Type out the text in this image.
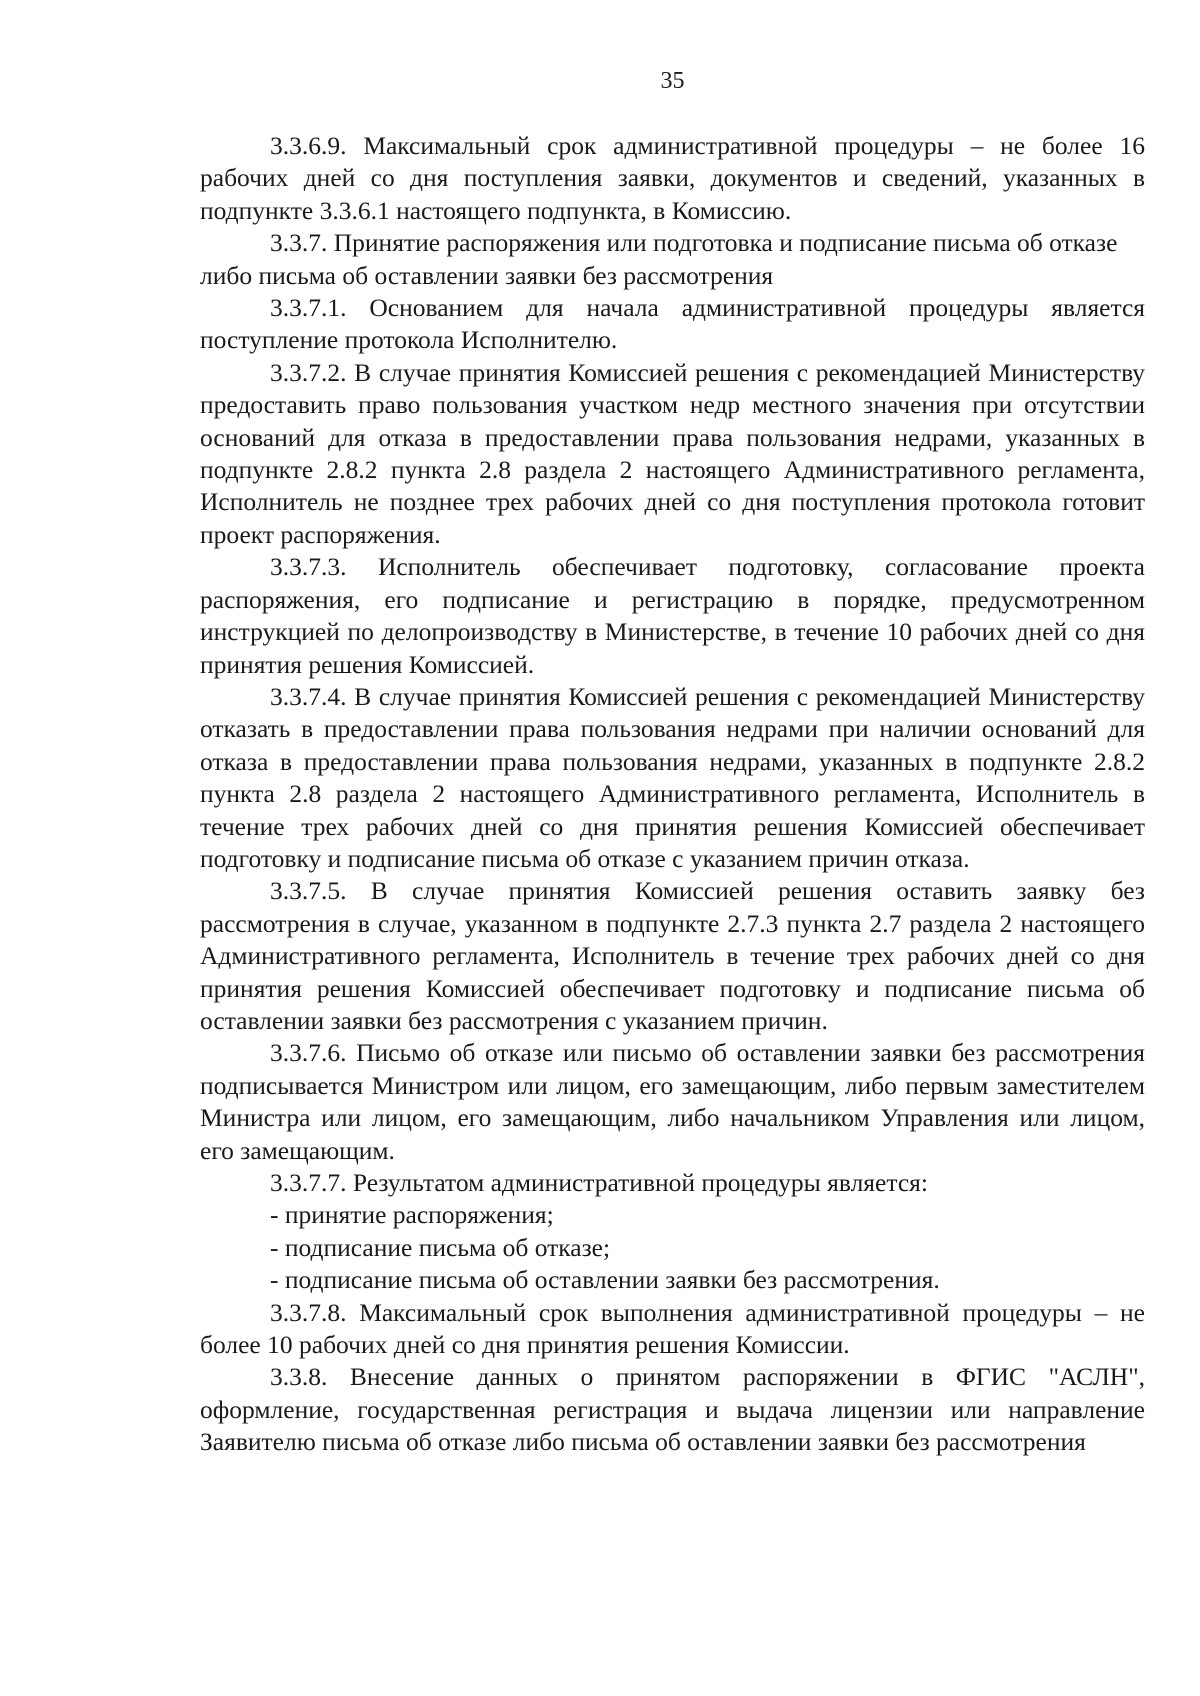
35

3.3.6.9. Максимальный срок административной процедуры – не более 16 рабочих дней со дня поступления заявки, документов и сведений, указанных в подпункте 3.3.6.1 настоящего подпункта, в Комиссию.

3.3.7. Принятие распоряжения или подготовка и подписание письма об отказе либо письма об оставлении заявки без рассмотрения

3.3.7.1. Основанием для начала административной процедуры является поступление протокола Исполнителю.

3.3.7.2. В случае принятия Комиссией решения с рекомендацией Министерству предоставить право пользования участком недр местного значения при отсутствии оснований для отказа в предоставлении права пользования недрами, указанных в подпункте 2.8.2 пункта 2.8 раздела 2 настоящего Административного регламента, Исполнитель не позднее трех рабочих дней со дня поступления протокола готовит проект распоряжения.

3.3.7.3. Исполнитель обеспечивает подготовку, согласование проекта распоряжения, его подписание и регистрацию в порядке, предусмотренном инструкцией по делопроизводству в Министерстве, в течение 10 рабочих дней со дня принятия решения Комиссией.

3.3.7.4. В случае принятия Комиссией решения с рекомендацией Министерству отказать в предоставлении права пользования недрами при наличии оснований для отказа в предоставлении права пользования недрами, указанных в подпункте 2.8.2 пункта 2.8 раздела 2 настоящего Административного регламента, Исполнитель в течение трех рабочих дней со дня принятия решения Комиссией обеспечивает подготовку и подписание письма об отказе с указанием причин отказа.

3.3.7.5. В случае принятия Комиссией решения оставить заявку без рассмотрения в случае, указанном в подпункте 2.7.3 пункта 2.7 раздела 2 настоящего Административного регламента, Исполнитель в течение трех рабочих дней со дня принятия решения Комиссией обеспечивает подготовку и подписание письма об оставлении заявки без рассмотрения с указанием причин.

3.3.7.6. Письмо об отказе или письмо об оставлении заявки без рассмотрения подписывается Министром или лицом, его замещающим, либо первым заместителем Министра или лицом, его замещающим, либо начальником Управления или лицом, его замещающим.

3.3.7.7. Результатом административной процедуры является:

- принятие распоряжения;

- подписание письма об отказе;

- подписание письма об оставлении заявки без рассмотрения.

3.3.7.8. Максимальный срок выполнения административной процедуры – не более 10 рабочих дней со дня принятия решения Комиссии.

3.3.8. Внесение данных о принятом распоряжении в ФГИС "АСЛН", оформление, государственная регистрация и выдача лицензии или направление Заявителю письма об отказе либо письма об оставлении заявки без рассмотрения
